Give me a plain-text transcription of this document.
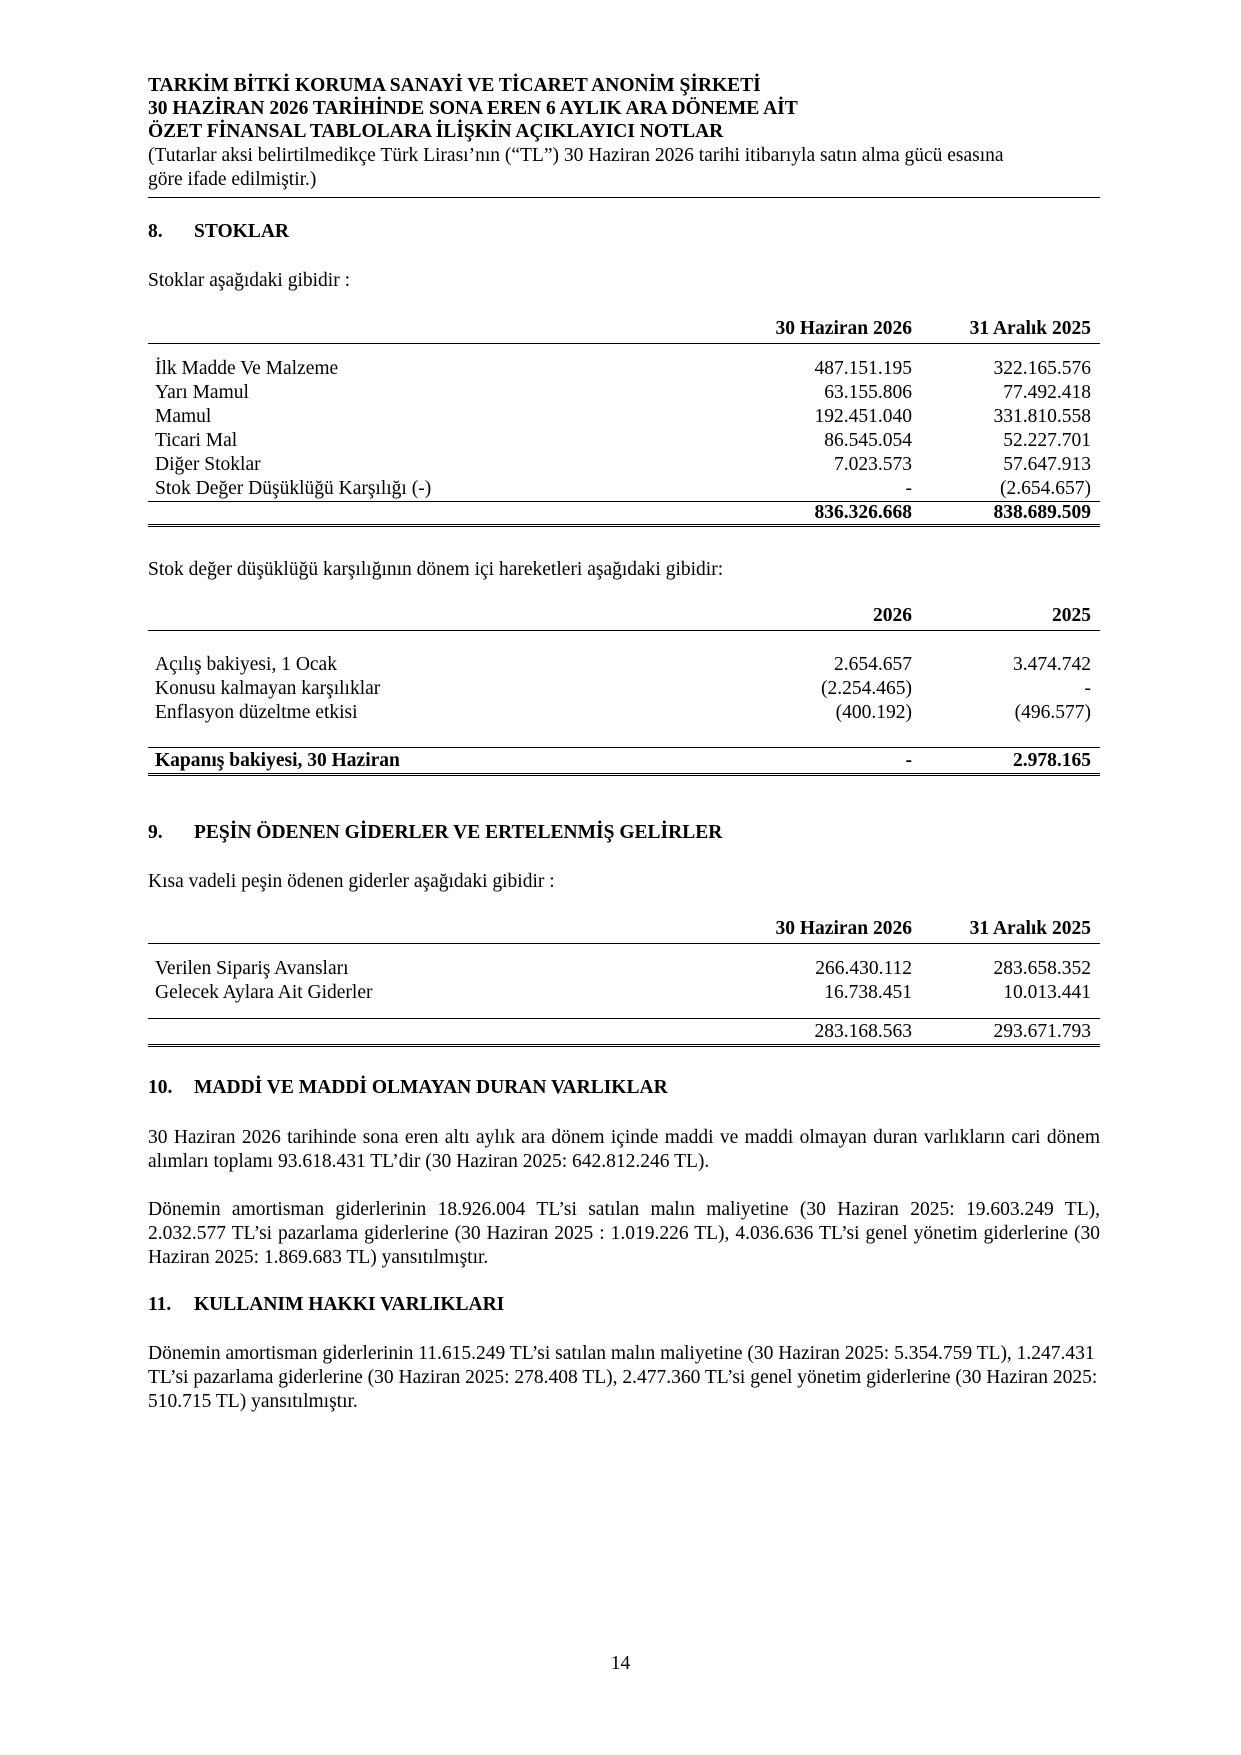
TARKİM BİTKİ KORUMA SANAYİ VE TİCARET ANONİM ŞİRKETİ
30 HAZİRAN 2026 TARİHİNDE SONA EREN 6 AYLIK ARA DÖNEME AİT
ÖZET FİNANSAL TABLOLARA İLİŞKİN AÇIKLAYICI NOTLAR
(Tutarlar aksi belirtilmedikçe Türk Lirası’nın (“TL”) 30 Haziran 2026 tarihi itibarıyla satın alma gücü esasına
göre ifade edilmiştir.)
8. STOKLAR
Stoklar aşağıdaki gibidir :
	30 Haziran 2026	31 Aralık 2025

İlk Madde Ve Malzeme	487.151.195	322.165.576
Yarı Mamul	63.155.806	77.492.418
Mamul	192.451.040	331.810.558
Ticari Mal	86.545.054	52.227.701
Diğer Stoklar	7.023.573	57.647.913
Stok Değer Düşüklüğü Karşılığı (-)	-	(2.654.657)
	836.326.668	838.689.509
Stok değer düşüklüğü karşılığının dönem içi hareketleri aşağıdaki gibidir:
	2026	2025

Açılış bakiyesi, 1 Ocak	2.654.657	3.474.742
Konusu kalmayan karşılıklar	(2.254.465)	-
Enflasyon düzeltme etkisi	(400.192)	(496.577)

Kapanış bakiyesi, 30 Haziran	-	2.978.165
9. PEŞİN ÖDENEN GİDERLER VE ERTELENMİŞ GELİRLER
Kısa vadeli peşin ödenen giderler aşağıdaki gibidir :
	30 Haziran 2026	31 Aralık 2025

Verilen Sipariş Avansları	266.430.112	283.658.352
Gelecek Aylara Ait Giderler	16.738.451	10.013.441

	283.168.563	293.671.793
10. MADDİ VE MADDİ OLMAYAN DURAN VARLIKLAR
30 Haziran 2026 tarihinde sona eren altı aylık ara dönem içinde maddi ve maddi olmayan duran varlıkların cari dönem alımları toplamı 93.618.431 TL’dir (30 Haziran 2025: 642.812.246 TL).
Dönemin amortisman giderlerinin 18.926.004 TL’si satılan malın maliyetine (30 Haziran 2025: 19.603.249 TL), 2.032.577 TL’si pazarlama giderlerine (30 Haziran 2025 : 1.019.226 TL), 4.036.636 TL’si genel yönetim giderlerine (30 Haziran 2025: 1.869.683 TL) yansıtılmıştır.
11. KULLANIM HAKKI VARLIKLARI
Dönemin amortisman giderlerinin 11.615.249 TL’si satılan malın maliyetine (30 Haziran 2025: 5.354.759 TL), 1.247.431 TL’si pazarlama giderlerine (30 Haziran 2025: 278.408 TL), 2.477.360 TL’si genel yönetim giderlerine (30 Haziran 2025: 510.715 TL) yansıtılmıştır.
14
